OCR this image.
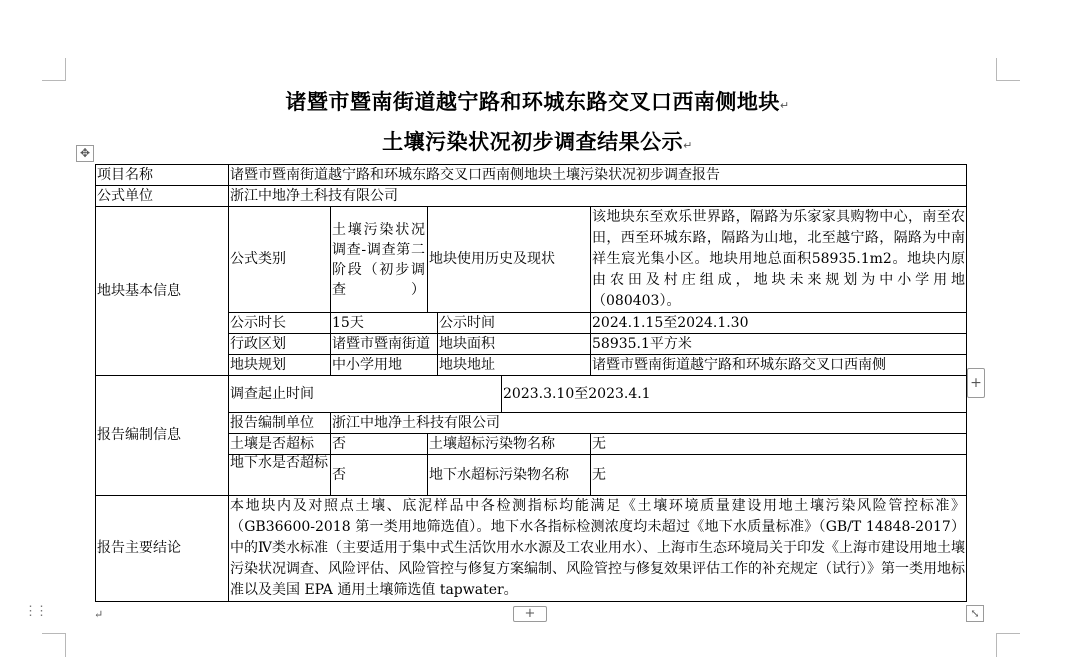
诸暨市暨南街道越宁路和环城东路交叉口西南侧地块↵
土壤污染状况初步调查结果公示↵
✥
项目名称	诸暨市暨南街道越宁路和环城东路交叉口西南侧地块土壤污染状况初步调查报告					
公式单位	浙江中地净土科技有限公司					
地块基本信息	公式类别	土壤污染状况调查-调查第二阶段（初步调查）	地块使用历史及现状			该地块东至欢乐世界路，隔路为乐家家具购物中心，南至农田，西至环城东路，隔路为山地，北至越宁路，隔路为中南祥生宸光集小区。地块用地总面积58935.1m2。地块内原由农田及村庄组成，地块未来规划为中小学用地（080403）。
	公示时长	15天		公示时间		2024.1.15至2024.1.30
	行政区划	诸暨市暨南街道		地块面积		58935.1平方米
	地块规划	中小学用地		地块地址		诸暨市暨南街道越宁路和环城东路交叉口西南侧
报告编制信息	调查起止时间				2023.3.10至2023.4.1	
	报告编制单位	浙江中地净土科技有限公司				
	土壤是否超标	否	土壤超标污染物名称			无
	地下水是否超标	否	地下水超标污染物名称			无
报告主要结论	本地块内及对照点土壤、底泥样品中各检测指标均能满足《土壤环境质量建设用地土壤污染风险管控标准》（GB36600-2018 第一类用地筛选值）。地下水各指标检测浓度均未超过《地下水质量标准》（GB/T 14848-2017）中的Ⅳ类水标准（主要适用于集中式生活饮用水水源及工农业用水）、上海市生态环境局关于印发《上海市建设用地土壤污染状况调查、风险评估、风险管控与修复方案编制、风险管控与修复效果评估工作的补充规定（试行）》第一类用地标准以及美国 EPA 通用土壤筛选值 tapwater。					
+
+	⤡
⋮⋮	↵
